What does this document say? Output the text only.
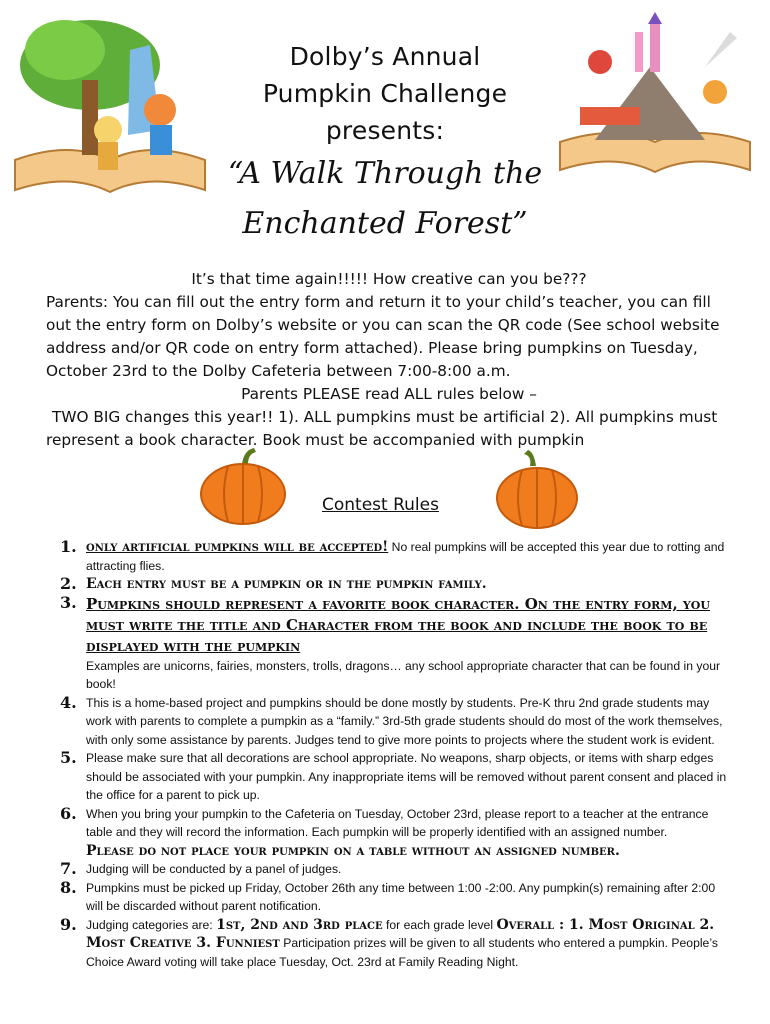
Dolby’s Annual
Pumpkin Challenge
presents:
“A Walk Through the
Enchanted Forest”

It’s that time again!!!!! How creative can you be???

Parents: You can fill out the entry form and return it to your child’s teacher, you can fill out the entry form on Dolby’s website or you can scan the QR code (See school website address and/or QR code on entry form attached). Please bring pumpkins on Tuesday, October 23rd to the Dolby Cafeteria between 7:00-8:00 a.m.

Parents PLEASE read ALL rules below –

TWO BIG changes this year!! 1). ALL pumpkins must be artificial 2). All pumpkins must represent a book character. Book must be accompanied with pumpkin

Contest Rules
1. only artificial pumpkins will be accepted! No real pumpkins will be accepted this year due to rotting and attracting flies.
2. Each entry must be a pumpkin or in the pumpkin family.
3. Pumpkins should represent a favorite book character. On the entry form, you must write the title and Character from the book and include the book to be displayed with the pumpkin
Examples are unicorns, fairies, monsters, trolls, dragons… any school appropriate character that can be found in your book!
4. This is a home-based project and pumpkins should be done mostly by students. Pre-K thru 2nd grade students may work with parents to complete a pumpkin as a “family.” 3rd-5th grade students should do most of the work themselves, with only some assistance by parents. Judges tend to give more points to projects where the student work is evident.
5. Please make sure that all decorations are school appropriate. No weapons, sharp objects, or items with sharp edges should be associated with your pumpkin. Any inappropriate items will be removed without parent consent and placed in the office for a parent to pick up.
6. When you bring your pumpkin to the Cafeteria on Tuesday, October 23rd, please report to a teacher at the entrance table and they will record the information. Each pumpkin will be properly identified with an assigned number.
Please do not place your pumpkin on a table without an assigned number.
7. Judging will be conducted by a panel of judges.
8. Pumpkins must be picked up Friday, October 26th any time between 1:00 -2:00. Any pumpkin(s) remaining after 2:00 will be discarded without parent notification.
9. Judging categories are: 1st, 2nd and 3rd place for each grade level Overall : 1. Most Original 2. Most Creative 3. Funniest Participation prizes will be given to all students who entered a pumpkin. People’s Choice Award voting will take place Tuesday, Oct. 23rd at Family Reading Night.
